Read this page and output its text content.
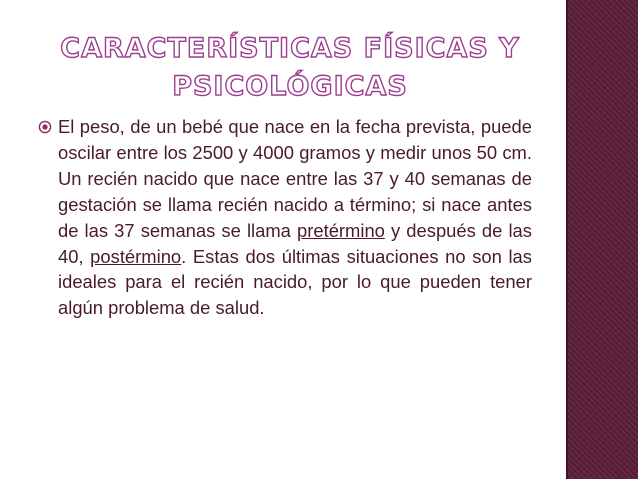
CARACTERÍSTICAS FÍSICAS Y
PSICOLÓGICAS
El peso, de un bebé que nace en la fecha prevista, puede oscilar entre los 2500 y 4000 gramos y medir unos 50 cm. Un recién nacido que nace entre las 37 y 40 semanas de gestación se llama recién nacido a término; si nace antes de las 37 semanas se llama pretérmino y después de las 40, postérmino. Estas dos últimas situaciones no son las ideales para el recién nacido, por lo que pueden tener algún problema de salud.
